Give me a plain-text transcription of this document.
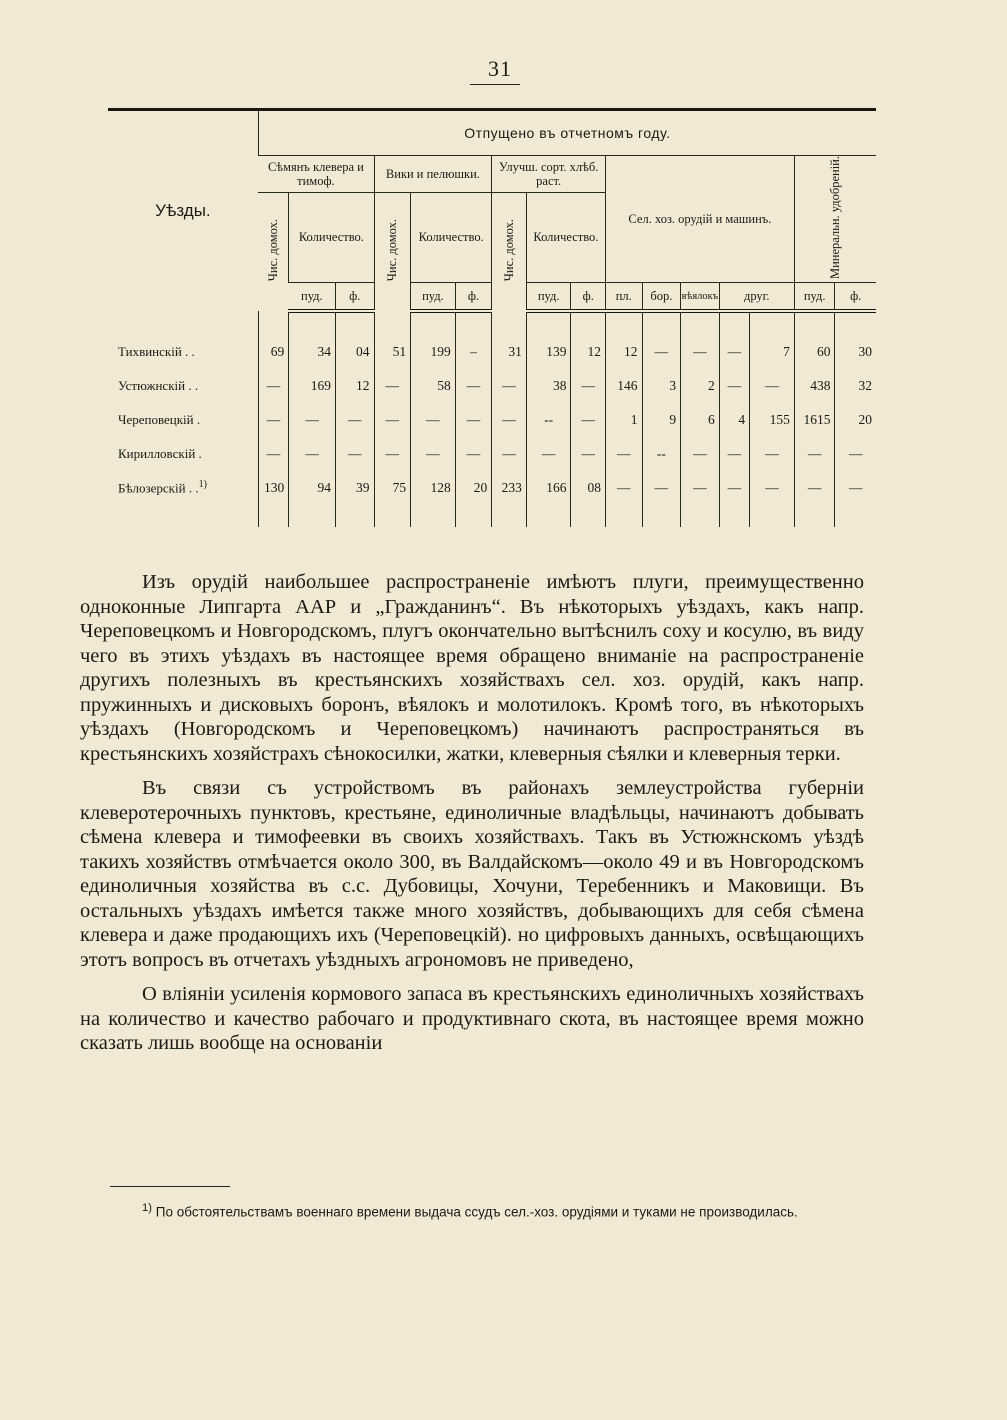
31
Уѣзды.	Отпущено въ отчетномъ году.															
	Сѣмянъ клевера и тимоф.			Вики и пелюшки.			Улучш. сорт. хлѣб. раст.			Сел. хоз. орудій и машинъ.					Минеральн. удобреній.	
	Чис. домох.	Количество.		Чис. домох.	Количество.		Чис. домох.	Количество.								
		пуд.	ф.		пуд.	ф.		пуд.	ф.	пл.	бор.	вѣялокъ	друг.		пуд.	ф.

Тихвинскій . .	69	34	04	51	199	–	31	139	12	12	—	—	—	7	60	30
Устюжнскій . .	—	169	12	—	58	—	—	38	—	146	3	2	—	—	438	32
Череповецкій .	—	—	—	—	—	—	—	--	—	1	9	6	4	155	1615	20
Кирилловскій .	—	—	—	—	—	—	—	—	—	—	--	—	—	—	—	—
Бѣлозерскій . .$^{1)}$	130	94	39	75	128	20	233	166	08	—	—	—	—	—	—	—

Изъ орудій наибольшее распространеніе имѣютъ плуги, преимущественно одноконные Липгарта ААР и „Гражданинъ“. Въ нѣкоторыхъ уѣздахъ, какъ напр. Череповецкомъ и Новгородскомъ, плугъ окончательно вытѣснилъ соху и косулю, въ виду чего въ этихъ уѣздахъ въ настоящее время обращено вниманіе на распространеніе другихъ полезныхъ въ крестьянскихъ хозяйствахъ сел. хоз. орудій, какъ напр. пружинныхъ и дисковыхъ боронъ, вѣялокъ и молотилокъ. Кромѣ того, въ нѣкоторыхъ уѣздахъ (Новгородскомъ и Череповецкомъ) начинаютъ распространяться въ крестьянскихъ хозяйстрахъ сѣнокосилки, жатки, клеверныя сѣялки и клеверныя терки.

Въ связи съ устройствомъ въ районахъ землеустройства губерніи клеверотерочныхъ пунктовъ, крестьяне, единоличные владѣльцы, начинаютъ добывать сѣмена клевера и тимофеевки въ своихъ хозяйствахъ. Такъ въ Устюжнскомъ уѣздѣ такихъ хозяйствъ отмѣчается около 300, въ Валдайскомъ—около 49 и въ Новгородскомъ единоличныя хозяйства въ с.с. Дубовицы, Хочуни, Теребенникъ и Маковищи. Въ остальныхъ уѣздахъ имѣется также много хозяйствъ, добывающихъ для себя сѣмена клевера и даже продающихъ ихъ (Череповецкій). но цифровыхъ данныхъ, освѣщающихъ этотъ вопросъ въ отчетахъ уѣздныхъ агрономовъ не приведено,

О вліяніи усиленія кормового запаса въ крестьянскихъ единоличныхъ хозяйствахъ на количество и качество рабочаго и продуктивнаго скота, въ настоящее время можно сказать лишь вообще на основаніи

$^{1)}$ По обстоятельствамъ военнаго времени выдача ссудъ сел.-хоз. орудіями и туками не производилась.
